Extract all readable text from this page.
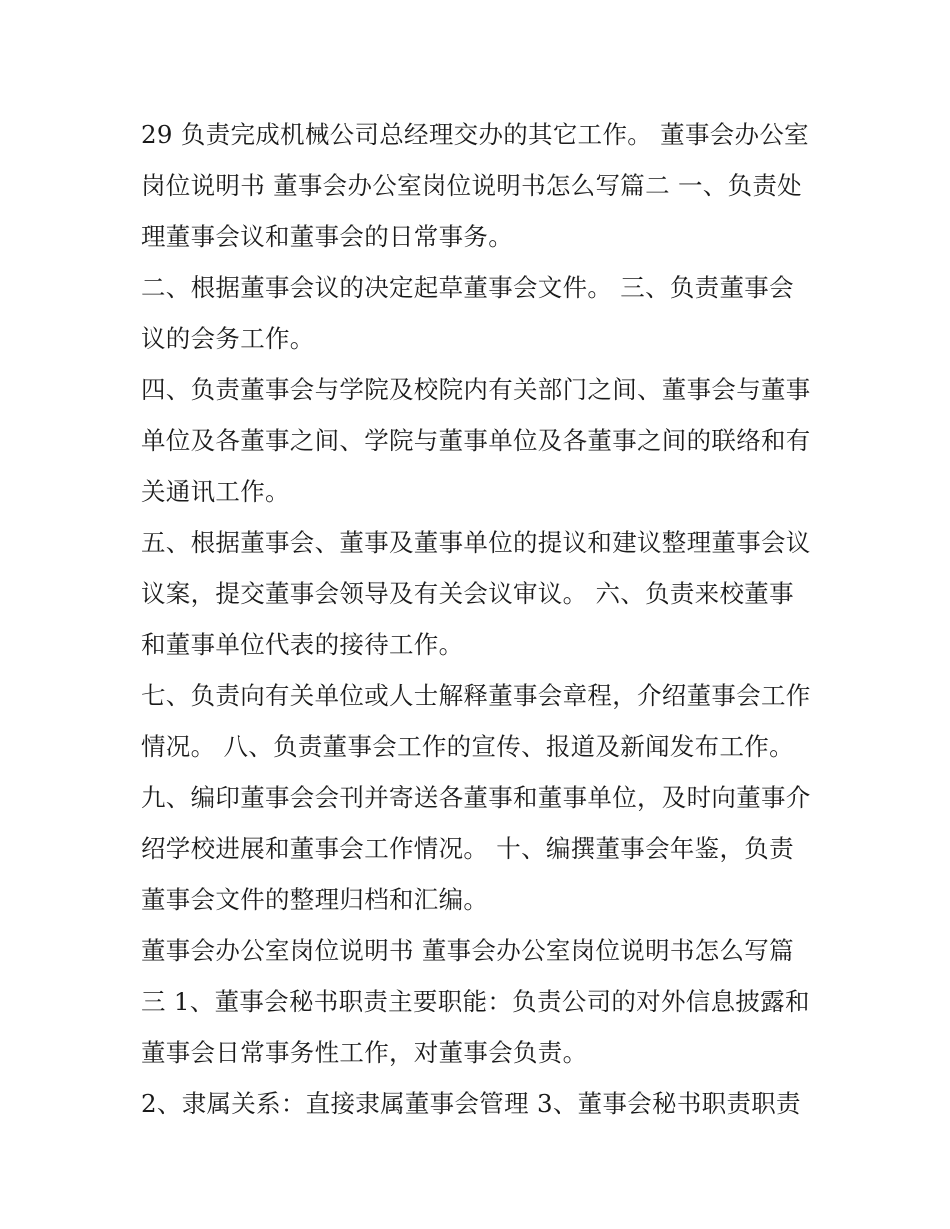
29 负责完成机械公司总经理交办的其它工作。 董事会办公室
岗位说明书 董事会办公室岗位说明书怎么写篇二 一、负责处
理董事会议和董事会的日常事务。
二、根据董事会议的决定起草董事会文件。 三、负责董事会
议的会务工作。
四、负责董事会与学院及校院内有关部门之间、董事会与董事
单位及各董事之间、学院与董事单位及各董事之间的联络和有
关通讯工作。
五、根据董事会、董事及董事单位的提议和建议整理董事会议
议案，提交董事会领导及有关会议审议。 六、负责来校董事
和董事单位代表的接待工作。
七、负责向有关单位或人士解释董事会章程，介绍董事会工作
情况。 八、负责董事会工作的宣传、报道及新闻发布工作。
九、编印董事会会刊并寄送各董事和董事单位，及时向董事介
绍学校进展和董事会工作情况。 十、编撰董事会年鉴，负责
董事会文件的整理归档和汇编。
董事会办公室岗位说明书 董事会办公室岗位说明书怎么写篇
三 1、董事会秘书职责主要职能：负责公司的对外信息披露和
董事会日常事务性工作，对董事会负责。
2、隶属关系：直接隶属董事会管理 3、董事会秘书职责职责
